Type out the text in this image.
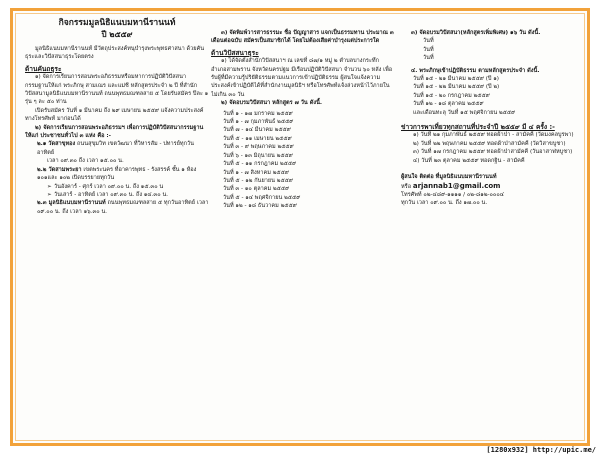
กิจกรรมมูลนิธิแนบมหานีรานนท์
ปี ๒๕๕๙
มูลนิธิแนบมหานีรานนท์ มีวัตถุประสงค์ทนุบำรุงพระพุทธศาสนา ด้วยคันธุระและวิปัสสนาธุระโดยตรง
ด้านคันถธุระ
๑) จัดการเรียนการสอนพระอภิธรรมหรือมหาการปฏิบัติวิปัสสนากรรมฐานให้แก่ พระภิกษุ สามเณร และแม่ชี หลักสูตรประจำ ๒ ปี ที่สำนักวิปัสสนามูลนิธิแนบมหานีรานนท์ ถนนพุทธมณฑลสาย ๕ โดยรับสมัคร ปีละ ๑ รุ่น ๆ ละ ๕๐ ท่าน
เปิดรับสมัคร วันที่ ๑ มีนาคม ถึง ๒๙ เมษายน ๒๕๕๙ แจ้งความประสงค์ทางโทรศัพท์ มาก่อนได้
๒) จัดการเรียนการสอนพระอภิธรรมฯ เพื่อการปฏิบัติวิปัสสนากรรมฐาน ให้แก่ ประชาชนทั่วไป ๓ แห่ง คือ :-
๒.๑ วัดสาขุทอง ถนนสุขุมวิท เขตวัฒนา ที่วิหารสัม - ปทารย์ทุกวันอาทิตย์
เวลา ๐๙.๓๐ ถึง เวลา ๑๕.๐๐ น.
๒.๒ วัดสามพระยา เขตพระนคร ที่อาคารพุทธ - รังสรรค์ ชั้น ๑ ห้อง ๑๐๑และ ๑๐๒ เปิดบรรยายทุกวัน
➢ วันอังคาร์ - ศุกร์ เวลา ๐๙.๐๐ น. ถึง ๑๕.๓๐ น
➢ วันเสาร์ - อาทิตย์ เวลา ๐๙.๓๐ น. ถึง ๑๔.๓๐ น.
๒.๓ มูลนิธิแนบมหานีรานนท์ ถนนพุทธมณฑลสาย ๕ ทุกวันอาทิตย์ เวลา ๐๙.๐๐ น. ถึง เวลา ๑๖.๓๐ น.
๓) จัดพิมพ์วารสารธรรมะ ชื่อ ปัญญาสาร แจกเป็นธรรมทาน ประมาณ ๓ เดือนต่อฉบับ สมัครเป็นสมาชิกได้ โดยไม่ต้องเสียค่าบำรุงแต่ประการใด
ด้านวิปัสสนาธุระ
๑) ได้จัดตั้งสำนักวิปัสสนาฯ ณ เลขที่ ๘๗/๑ หมู่ ๒ ตำบลบางกระทึก อำเภอสามพราน จังหวัดนครปฐม มีเรือนปฏิบัติวิปัสสนา จำนวน ๖๐ หลัง เพื่อรับผู้ที่มีความรู้ปริยัติธรรมตามแนวการเข้าปฏิบัติธรรม ผู้สนใจแจ้งความประสงค์เข้าปฏิบัติได้ที่สำนักงานมูลนิธิฯ หรือโทรศัพท์แจ้งล่วงหน้าไว้ภายในไม่เกิน ๓๐ วัน
๒) จัดอบรมวิปัสสนา หลักสูตร ๗ วัน ดังนี้.
วันที่ ๑ - ๑๗ มกราคม ๒๕๕๙
วันที่ ๑ - ๗ กุมภาพันธ์ ๒๕๕๙
วันที่ ๗ - ๑๔ มีนาคม ๒๕๕๙
วันที่ ๕ - ๑๑ เมษายน ๒๕๕๙
วันที่ ๓ - ๙ พฤษภาคม ๒๕๕๙
วันที่ ๖ - ๑๓ มิถุนายน ๒๕๕๙
วันที่ ๕ - ๑๑ กรกฎาคม ๒๕๕๙
วันที่ ๑ - ๗ สิงหาคม ๒๕๕๙
วันที่ ๕ - ๑๒ กันยายน ๒๕๕๙
วันที่ ๓ - ๑๐ ตุลาคม ๒๕๕๙
วันที่ ๕ - ๑๔ พฤศจิกายน ๒๕๕๙
วันที่ ๑๒ - ๑๘ ธันวาคม ๒๕๕๙
๓) จัดอบรมวิปัสสนา(หลักสูตรเพิ่มพิเศษ) ๑๖ วัน ดังนี้.
วันที่
วันที่
วันที่
๔. พระภิกษุเข้าปฏิบัติธรรม ตามหลักสูตรประจำ ดังนี้.
วันที่ ๑๕ - ๒๑ มีนาคม ๒๕๕๙ (ปี ๑)
วันที่ ๑๕ - ๒๒ มีนาคม ๒๕๕๙ (ปี ๒)
วันที่ ๑๕ - ๒๐ กรกฎาคม ๒๕๕๙
วันที่ ๑๒ - ๑๘ ตุลาคม ๒๕๕๙
และเดือนทะลุ วันที่ ๑๕ พฤศจิกายน ๒๕๕๙
ข่าวการพาเที่ยวทุกสถานที่ประจำปี ๒๕๕๙ มี ๔ ครั้ง :-
๑) วันที่ ๒๑ กุมภาพันธ์ ๒๕๕๙ ทอดผ้าป่า - สามัคคี (วัดมงคลบูรพา)
๒) วันที่ ๒๒ พฤษภาคม ๒๕๕๙ ทอดผ้าป่าสามัคคี (วัดวิสาขบูชา)
๓) วันที่ ๑๗ กรกฎาคม ๒๕๕๙ ทอดผ้าป่าสามัคคี (วันอาสาฬหบูชา)
๔) วันที่ ๒๓ ตุลาคม ๒๕๕๙ ทอดกฐิน - สามัคคี
ผู้สนใจ ติดต่อ ที่มูลนิธิแนบมหานีรานนท์
หรือ arjannab1@gmail.com
โทรศัพท์ ๐๒-๔๘๙-๑๑๑๑ / ๐๒-๘๑๒-๐๐๐๔
ทุกวัน เวลา ๐๙.๐๐ น. ถึง ๑๗.๐๐ น.
[1280x932] http://upic.me/
